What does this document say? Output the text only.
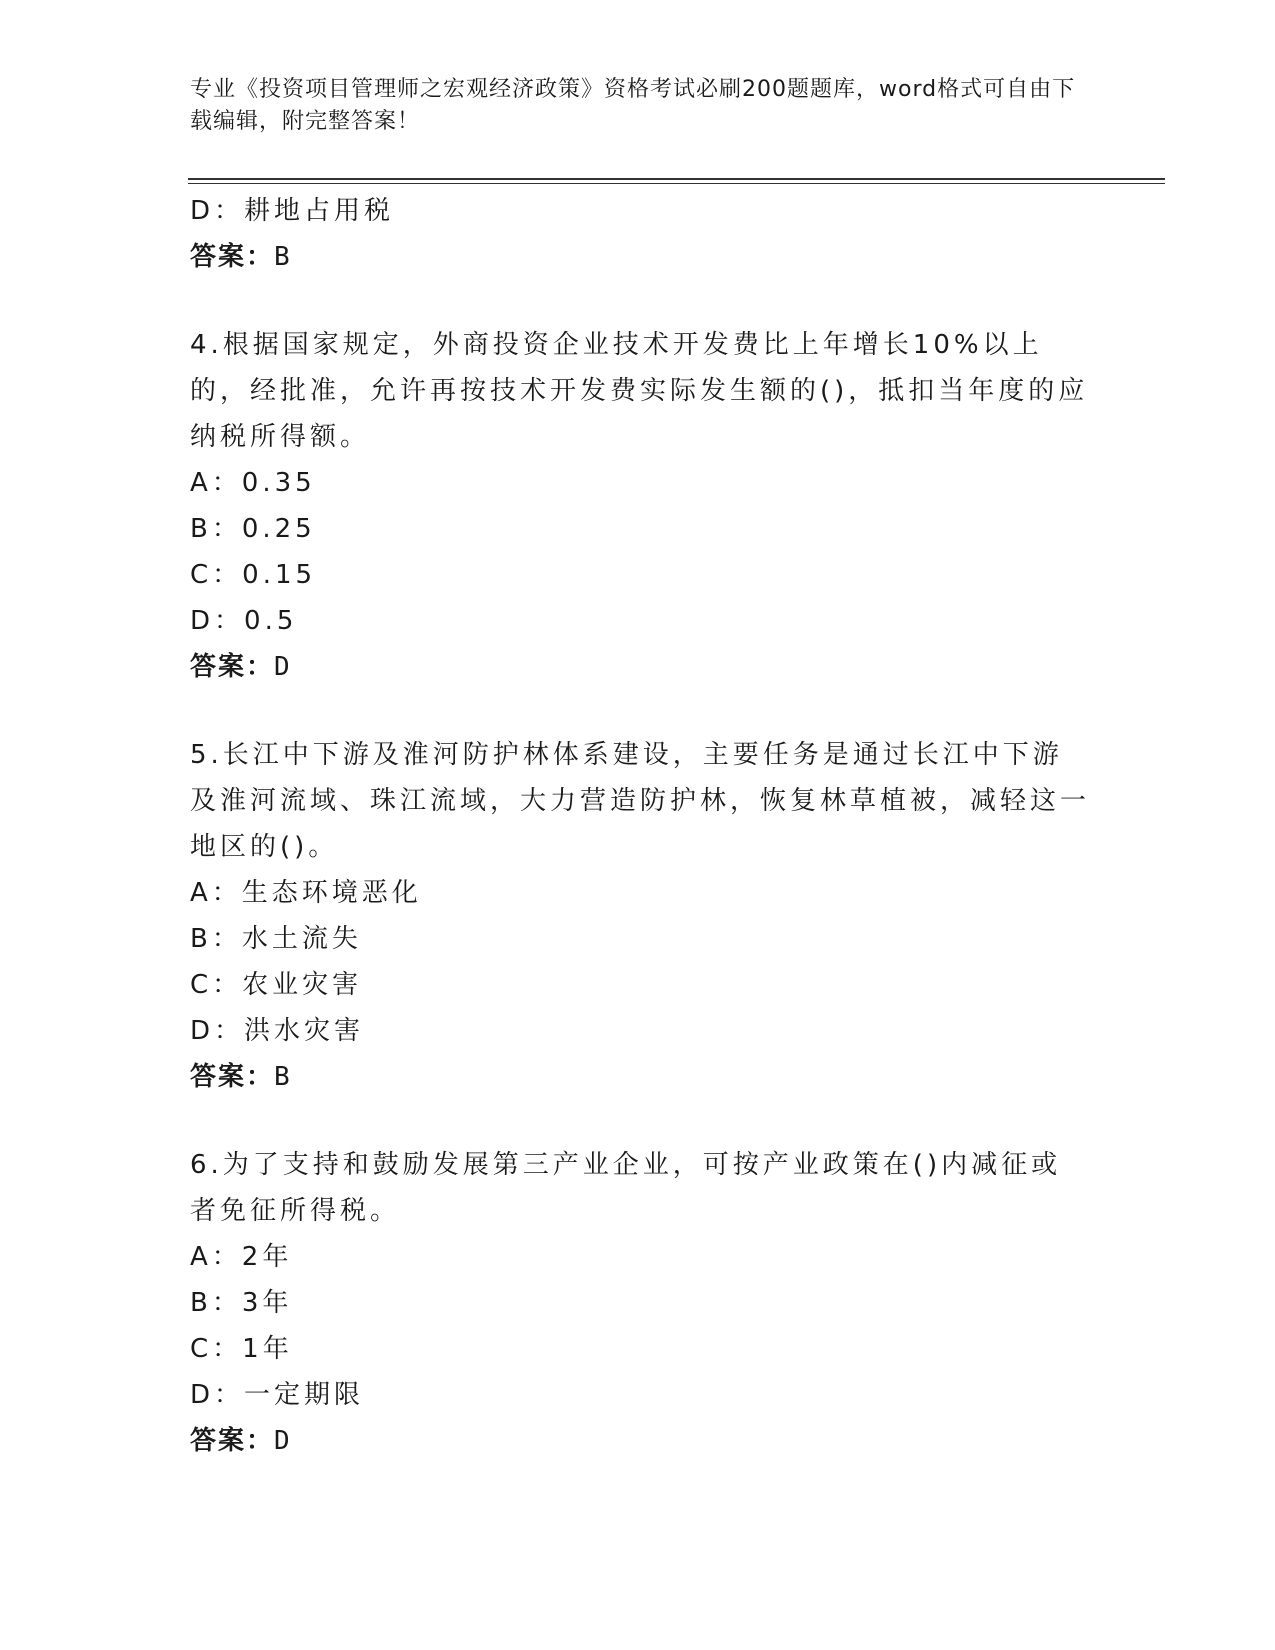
专业《投资项目管理师之宏观经济政策》资格考试必刷200题题库，word格式可自由下载编辑，附完整答案！
D：耕地占用税
答案：B
4.根据国家规定，外商投资企业技术开发费比上年增长10%以上的，经批准，允许再按技术开发费实际发生额的()，抵扣当年度的应纳税所得额。
A：0.35
B：0.25
C：0.15
D：0.5
答案：D
5.长江中下游及淮河防护林体系建设，主要任务是通过长江中下游及淮河流域、珠江流域，大力营造防护林，恢复林草植被，减轻这一地区的()。
A：生态环境恶化
B：水土流失
C：农业灾害
D：洪水灾害
答案：B
6.为了支持和鼓励发展第三产业企业，可按产业政策在()内减征或者免征所得税。
A：2年
B：3年
C：1年
D：一定期限
答案：D
